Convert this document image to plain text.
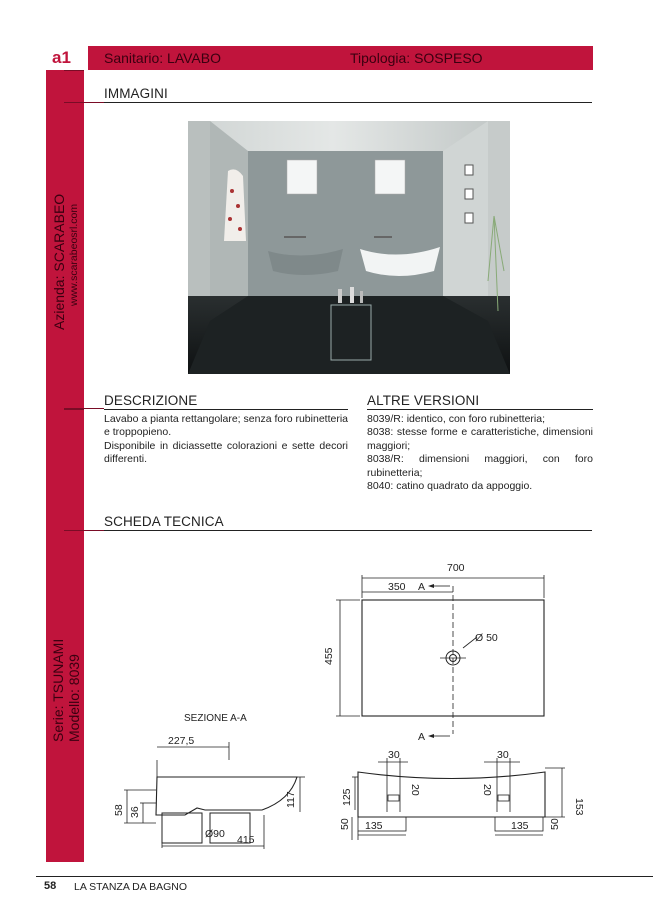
a1 Sanitario: LAVABO	Tipologia: SOSPESO
Azienda: SCARABEO www.scarabeosrl.com
Serie: TSUNAMI Modello: 8039
IMMAGINI
DESCRIZIONE
Lavabo a pianta rettangolare; senza foro rubinetteria e troppopieno.
Disponibile in diciassette colorazioni e sette decori differenti.
ALTRE VERSIONI
8039/R: identico, con foro rubinetteria;
8038: stesse forme e caratteristiche, dimensioni maggiori;
8038/R: dimensioni maggiori, con foro rubinetteria;
8040: catino quadrato da appoggio.
SCHEDA TECNICA
700
350 A
A
Ø 50
455
SEZIONE A-A
227,5
117
58 36
Ø90 415
30	30
125
153
20	20
50	50
135	135
58 LA STANZA DA BAGNO
